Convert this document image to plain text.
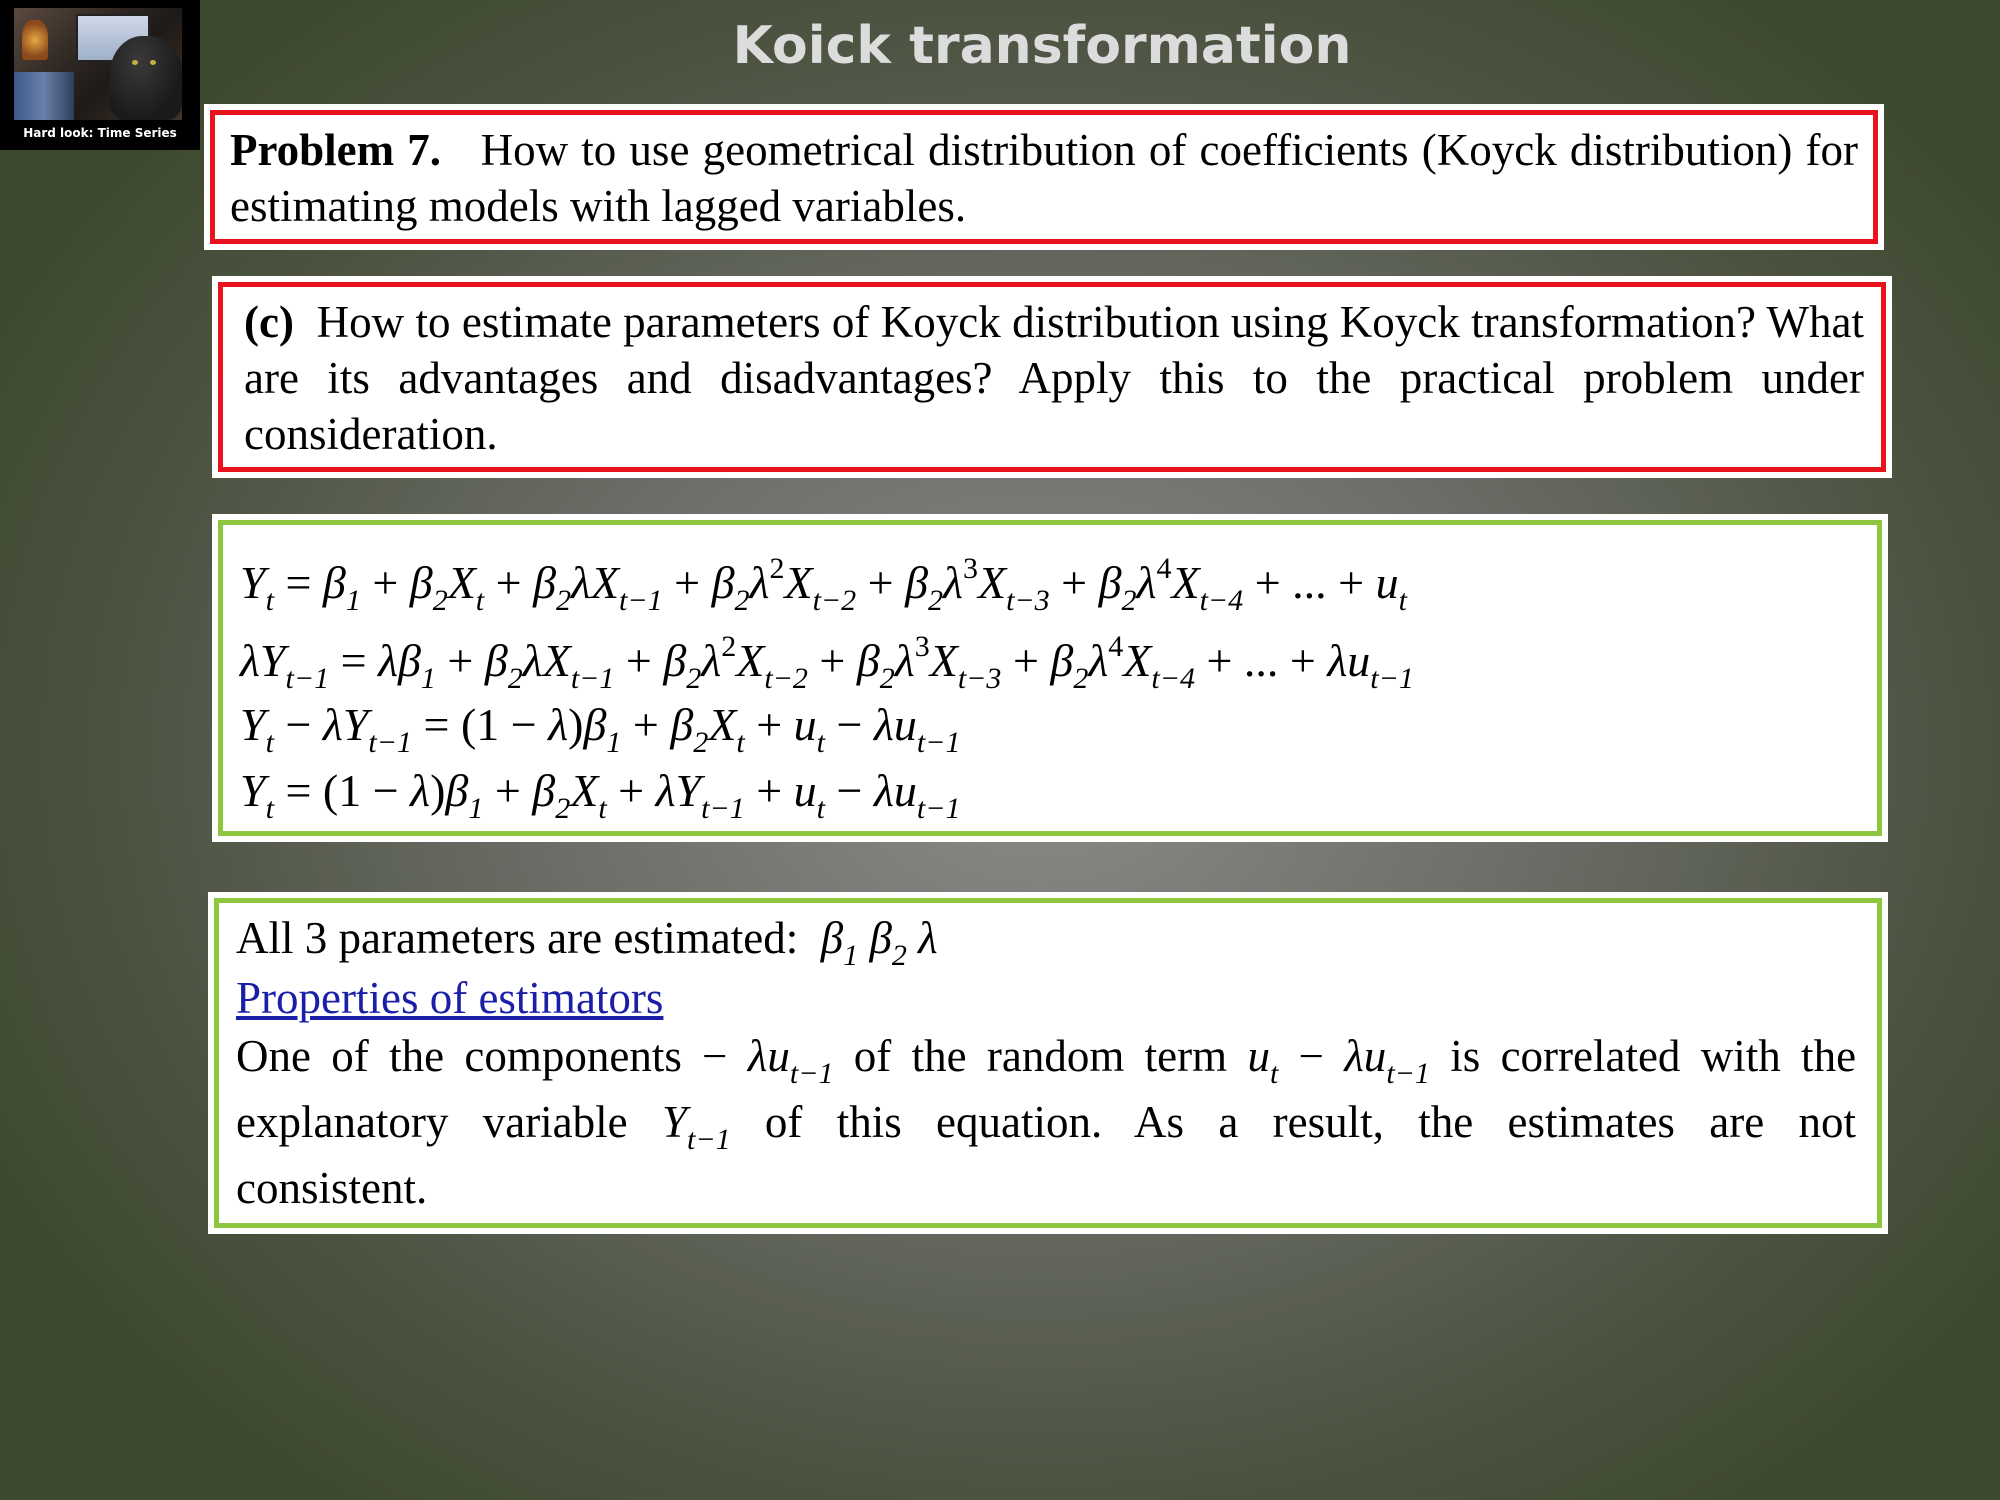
Hard look: Time Series
Koick transformation
Problem 7. How to use geometrical distribution of coefficients (Koyck distribution) for estimating models with lagged variables.
(c) How to estimate parameters of Koyck distribution using Koyck transformation? What are its advantages and disadvantages? Apply this to the practical problem under consideration.
$Y_t = \beta_1 + \beta_2X_t + \beta_2\lambda X_{t-1} + \beta_2\lambda^2X_{t-2} + \beta_2\lambda^3X_{t-3} + \beta_2\lambda^4X_{t-4}$ + ... + $u_t$
$\lambda Y_{t-1} = \lambda\beta_1 + \beta_2\lambda X_{t-1} + \beta_2\lambda^2X_{t-2} + \beta_2\lambda^3X_{t-3} + \beta_2\lambda^4X_{t-4}$ + ... + $\lambda u_{t-1}$
$Y_t - \lambda Y_{t-1} = (1 - \lambda)\beta_1 + \beta_2X_t + u_t - \lambda u_{t-1}$
$Y_t = (1 - \lambda)\beta_1 + \beta_2X_t + \lambda Y_{t-1} + u_t - \lambda u_{t-1}$
All 3 parameters are estimated: $\beta_1$ $\beta_2$ λ
Properties of estimators
One of the components − $\lambda u_{t-1}$ of the random term $u_t - \lambda u_{t-1}$ is correlated with the
explanatory variable $Y_{t-1}$ of this equation. As a result, the estimates are not
consistent.
